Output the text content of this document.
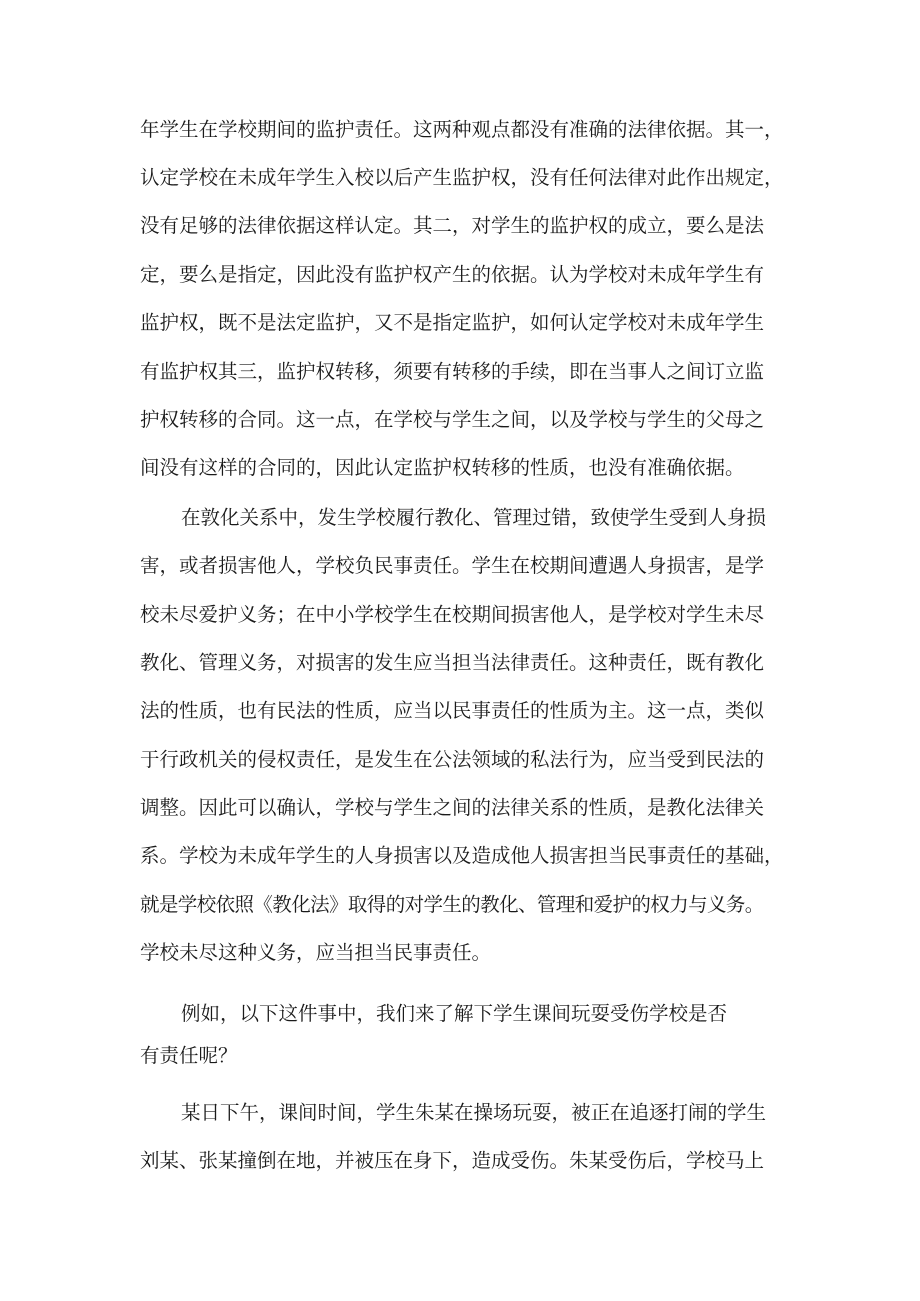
年学生在学校期间的监护责任。这两种观点都没有准确的法律依据。其一，

认定学校在未成年学生入校以后产生监护权，没有任何法律对此作出规定，

没有足够的法律依据这样认定。其二，对学生的监护权的成立，要么是法

定，要么是指定，因此没有监护权产生的依据。认为学校对未成年学生有

监护权，既不是法定监护，又不是指定监护，如何认定学校对未成年学生

有监护权其三，监护权转移，须要有转移的手续，即在当事人之间订立监

护权转移的合同。这一点，在学校与学生之间，以及学校与学生的父母之

间没有这样的合同的，因此认定监护权转移的性质，也没有准确依据。

在敦化关系中，发生学校履行教化、管理过错，致使学生受到人身损

害，或者损害他人，学校负民事责任。学生在校期间遭遇人身损害，是学

校未尽爱护义务；在中小学校学生在校期间损害他人，是学校对学生未尽

教化、管理义务，对损害的发生应当担当法律责任。这种责任，既有教化

法的性质，也有民法的性质，应当以民事责任的性质为主。这一点，类似

于行政机关的侵权责任，是发生在公法领域的私法行为，应当受到民法的

调整。因此可以确认，学校与学生之间的法律关系的性质，是教化法律关

系。学校为未成年学生的人身损害以及造成他人损害担当民事责任的基础，

就是学校依照《教化法》取得的对学生的教化、管理和爱护的权力与义务。

学校未尽这种义务，应当担当民事责任。

例如，以下这件事中，我们来了解下学生课间玩耍受伤学校是否

有责任呢？

某日下午，课间时间，学生朱某在操场玩耍，被正在追逐打闹的学生

刘某、张某撞倒在地，并被压在身下，造成受伤。朱某受伤后，学校马上
